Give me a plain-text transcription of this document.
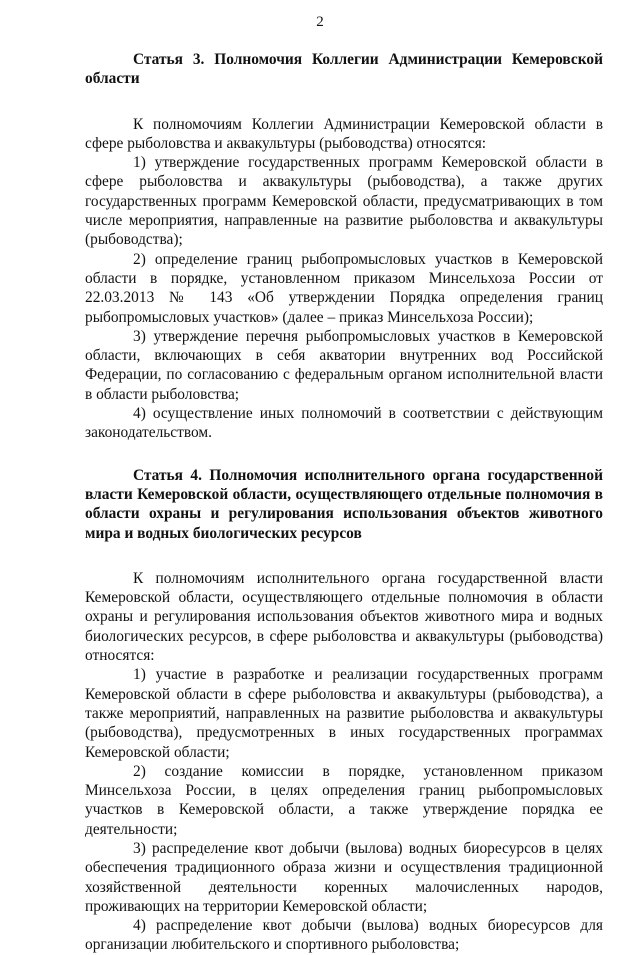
2

Статья 3. Полномочия Коллегии Администрации Кемеровской области

К полномочиям Коллегии Администрации Кемеровской области в сфере рыболовства и аквакультуры (рыбоводства) относятся:

1) утверждение государственных программ Кемеровской области в сфере рыболовства и аквакультуры (рыбоводства), а также других государственных программ Кемеровской области, предусматривающих в том числе мероприятия, направленные на развитие рыболовства и аквакультуры (рыбоводства);

2) определение границ рыбопромысловых участков в Кемеровской области в порядке, установленном приказом Минсельхоза России от 22.03.2013 № 143 «Об утверждении Порядка определения границ рыбопромысловых участков» (далее – приказ Минсельхоза России);

3) утверждение перечня рыбопромысловых участков в Кемеровской области, включающих в себя акватории внутренних вод Российской Федерации, по согласованию с федеральным органом исполнительной власти в области рыболовства;

4) осуществление иных полномочий в соответствии с действующим законодательством.

Статья 4. Полномочия исполнительного органа государственной власти Кемеровской области, осуществляющего отдельные полномочия в области охраны и регулирования использования объектов животного мира и водных биологических ресурсов

К полномочиям исполнительного органа государственной власти Кемеровской области, осуществляющего отдельные полномочия в области охраны и регулирования использования объектов животного мира и водных биологических ресурсов, в сфере рыболовства и аквакультуры (рыбоводства) относятся:

1) участие в разработке и реализации государственных программ Кемеровской области в сфере рыболовства и аквакультуры (рыбоводства), а также мероприятий, направленных на развитие рыболовства и аквакультуры (рыбоводства), предусмотренных в иных государственных программах Кемеровской области;

2) создание комиссии в порядке, установленном приказом Минсельхоза России, в целях определения границ рыбопромысловых участков в Кемеровской области, а также утверждение порядка ее деятельности;

3) распределение квот добычи (вылова) водных биоресурсов в целях обеспечения традиционного образа жизни и осуществления традиционной хозяйственной деятельности коренных малочисленных народов, проживающих на территории Кемеровской области;

4) распределение квот добычи (вылова) водных биоресурсов для организации любительского и спортивного рыболовства;
